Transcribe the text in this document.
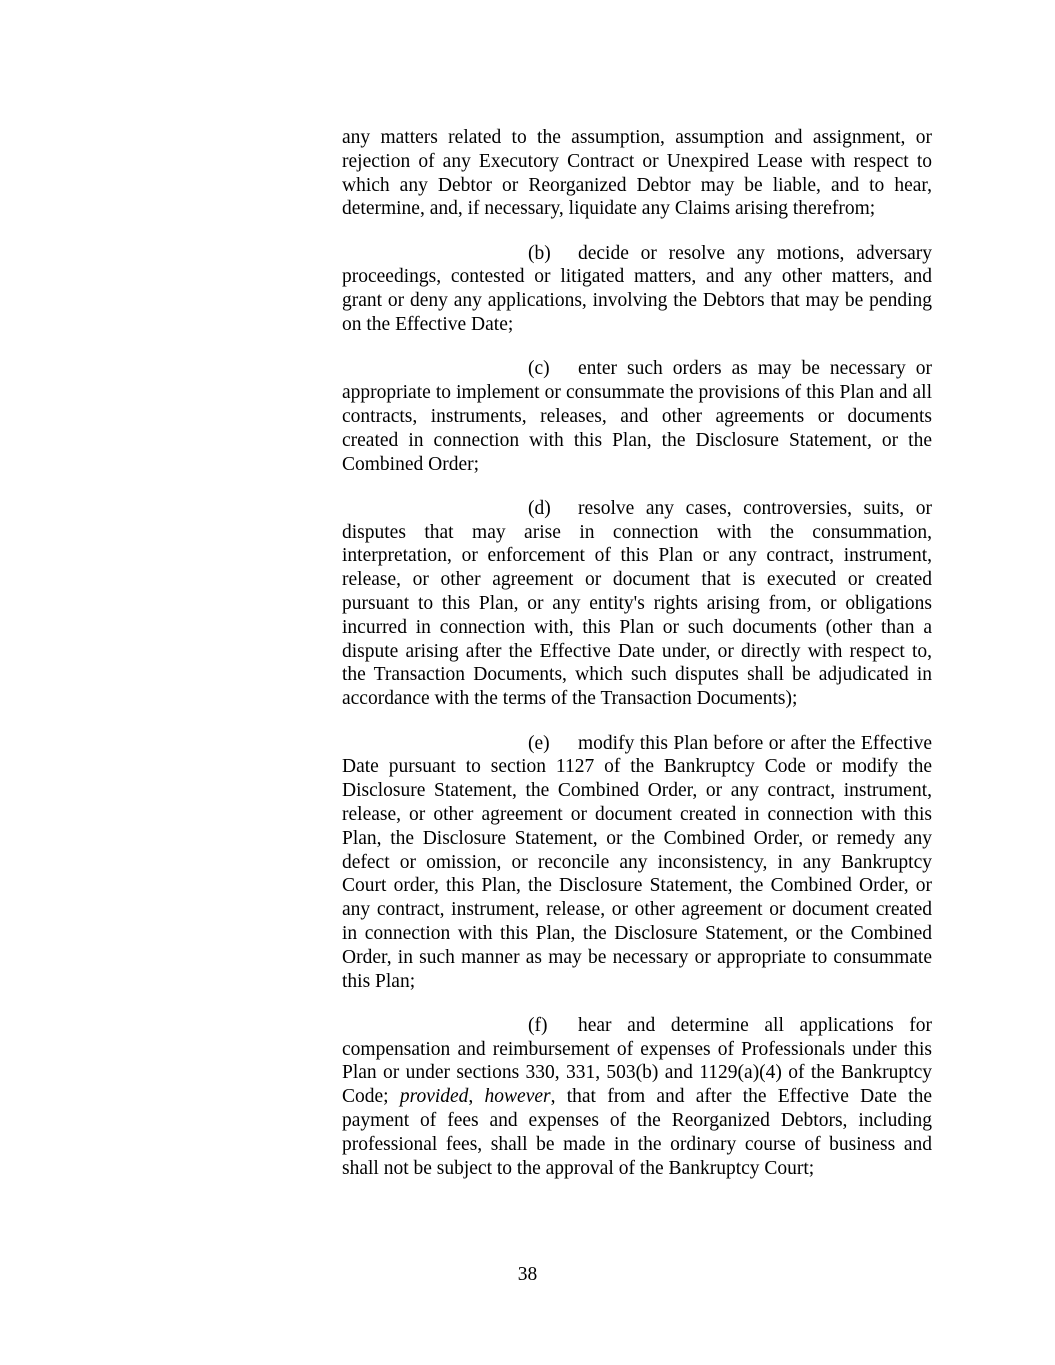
any matters related to the assumption, assumption and assignment, or rejection of any Executory Contract or Unexpired Lease with respect to which any Debtor or Reorganized Debtor may be liable, and to hear, determine, and, if necessary, liquidate any Claims arising therefrom;

(b) decide or resolve any motions, adversary proceedings, contested or litigated matters, and any other matters, and grant or deny any applications, involving the Debtors that may be pending on the Effective Date;

(c) enter such orders as may be necessary or appropriate to implement or consummate the provisions of this Plan and all contracts, instruments, releases, and other agreements or documents created in connection with this Plan, the Disclosure Statement, or the Combined Order;

(d) resolve any cases, controversies, suits, or disputes that may arise in connection with the consummation, interpretation, or enforcement of this Plan or any contract, instrument, release, or other agreement or document that is executed or created pursuant to this Plan, or any entity's rights arising from, or obligations incurred in connection with, this Plan or such documents (other than a dispute arising after the Effective Date under, or directly with respect to, the Transaction Documents, which such disputes shall be adjudicated in accordance with the terms of the Transaction Documents);

(e) modify this Plan before or after the Effective Date pursuant to section 1127 of the Bankruptcy Code or modify the Disclosure Statement, the Combined Order, or any contract, instrument, release, or other agreement or document created in connection with this Plan, the Disclosure Statement, or the Combined Order, or remedy any defect or omission, or reconcile any inconsistency, in any Bankruptcy Court order, this Plan, the Disclosure Statement, the Combined Order, or any contract, instrument, release, or other agreement or document created in connection with this Plan, the Disclosure Statement, or the Combined Order, in such manner as may be necessary or appropriate to consummate this Plan;

(f) hear and determine all applications for compensation and reimbursement of expenses of Professionals under this Plan or under sections 330, 331, 503(b) and 1129(a)(4) of the Bankruptcy Code; provided, however, that from and after the Effective Date the payment of fees and expenses of the Reorganized Debtors, including professional fees, shall be made in the ordinary course of business and shall not be subject to the approval of the Bankruptcy Court;

38
